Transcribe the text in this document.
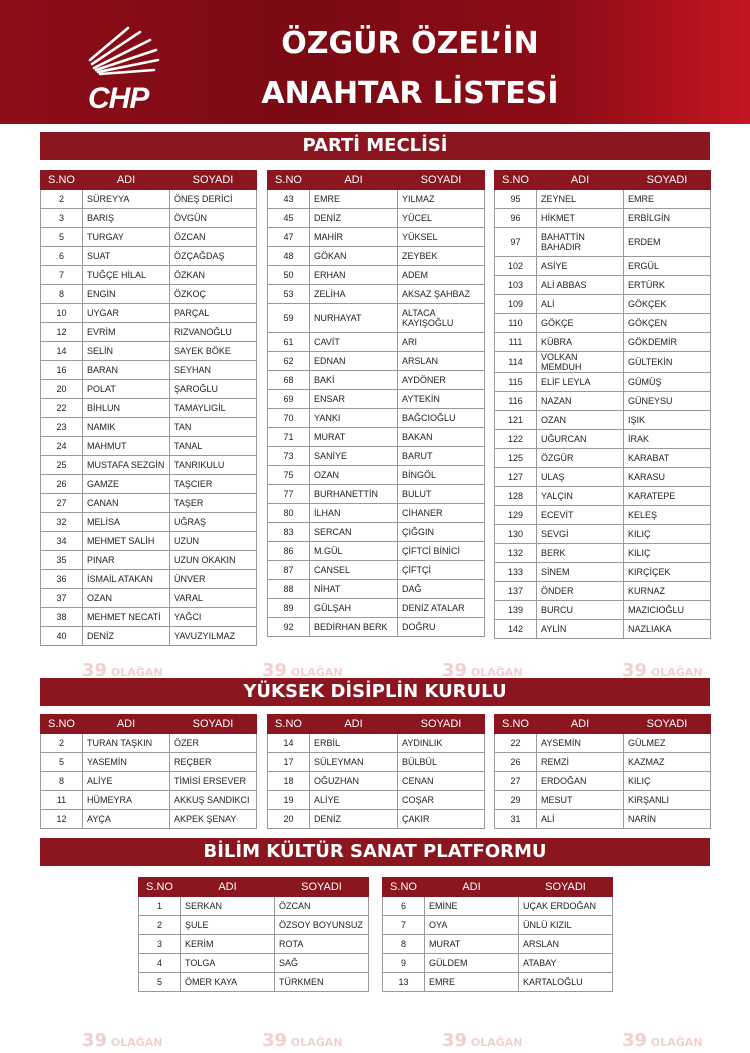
CHP
ÖZGÜR ÖZEL’İN
ANAHTAR LİSTESİ
PARTİ MECLİSİ
S.NO	ADI	SOYADI
2	SÜREYYA	ÖNEŞ DERİCİ
3	BARIŞ	ÖVGÜN
5	TURGAY	ÖZCAN
6	SUAT	ÖZÇAĞDAŞ
7	TUĞÇE HİLAL	ÖZKAN
8	ENGİN	ÖZKOÇ
10	UYGAR	PARÇAL
12	EVRİM	RIZVANOĞLU
14	SELİN	SAYEK BÖKE
16	BARAN	SEYHAN
20	POLAT	ŞAROĞLU
22	BİHLUN	TAMAYLIGİL
23	NAMIK	TAN
24	MAHMUT	TANAL
25	MUSTAFA SEZGİN	TANRIKULU
26	GAMZE	TAŞCIER
27	CANAN	TAŞER
32	MELİSA	UĞRAŞ
34	MEHMET SALİH	UZUN
35	PINAR	UZUN OKAKIN
36	İSMAİL ATAKAN	ÜNVER
37	OZAN	VARAL
38	MEHMET NECATİ	YAĞCI
40	DENİZ	YAVUZYILMAZ
S.NO	ADI	SOYADI
43	EMRE	YILMAZ
45	DENİZ	YÜCEL
47	MAHİR	YÜKSEL
48	GÖKAN	ZEYBEK
50	ERHAN	ADEM
53	ZELİHA	AKSAZ ŞAHBAZ
59	NURHAYAT	ALTACA KAYIŞOĞLU
61	CAVİT	ARI
62	EDNAN	ARSLAN
68	BAKİ	AYDÖNER
69	ENSAR	AYTEKİN
70	YANKI	BAĞCIOĞLU
71	MURAT	BAKAN
73	SANİYE	BARUT
75	OZAN	BİNGÖL
77	BURHANETTİN	BULUT
80	İLHAN	CİHANER
83	SERCAN	ÇIĞGIN
86	M.GÜL	ÇİFTCİ BİNİCİ
87	CANSEL	ÇİFTÇİ
88	NİHAT	DAĞ
89	GÜLŞAH	DENİZ ATALAR
92	BEDİRHAN BERK	DOĞRU
S.NO	ADI	SOYADI
95	ZEYNEL	EMRE
96	HİKMET	ERBİLGİN
97	BAHATTİN BAHADIR	ERDEM
102	ASİYE	ERGÜL
103	ALİ ABBAS	ERTÜRK
109	ALİ	GÖKÇEK
110	GÖKÇE	GÖKÇEN
111	KÜBRA	GÖKDEMİR
114	VOLKAN MEMDUH	GÜLTEKİN
115	ELİF LEYLA	GÜMÜŞ
116	NAZAN	GÜNEYSU
121	OZAN	IŞIK
122	UĞURCAN	İRAK
125	ÖZGÜR	KARABAT
127	ULAŞ	KARASU
128	YALÇIN	KARATEPE
129	ECEVİT	KELEŞ
130	SEVGİ	KILIÇ
132	BERK	KILIÇ
133	SİNEM	KIRÇİÇEK
137	ÖNDER	KURNAZ
139	BURCU	MAZICIOĞLU
142	AYLİN	NAZLIAKA
YÜKSEK DİSİPLİN KURULU
S.NO	ADI	SOYADI
2	TURAN TAŞKIN	ÖZER
5	YASEMİN	REÇBER
8	ALİYE	TİMİSİ ERSEVER
11	HÜMEYRA	AKKUŞ SANDIKCI
12	AYÇA	AKPEK ŞENAY
S.NO	ADI	SOYADI
14	ERBİL	AYDINLIK
17	SÜLEYMAN	BÜLBÜL
18	OĞUZHAN	CENAN
19	ALİYE	COŞAR
20	DENİZ	ÇAKIR
S.NO	ADI	SOYADI
22	AYSEMİN	GÜLMEZ
26	REMZİ	KAZMAZ
27	ERDOĞAN	KILIÇ
29	MESUT	KIRŞANLI
31	ALİ	NARİN
BİLİM KÜLTÜR SANAT PLATFORMU
S.NO	ADI	SOYADI
1	SERKAN	ÖZCAN
2	ŞULE	ÖZSOY BOYUNSUZ
3	KERİM	ROTA
4	TOLGA	SAĞ
5	ÖMER KAYA	TÜRKMEN
S.NO	ADI	SOYADI
6	EMİNE	UÇAK ERDOĞAN
7	OYA	ÜNLÜ KIZIL
8	MURAT	ARSLAN
9	GÜLDEM	ATABAY
13	EMRE	KARTALOĞLU
39 OLAĞAN	39 OLAĞAN	39 OLAĞAN	39 OLAĞAN
39 OLAĞAN	39 OLAĞAN	39 OLAĞAN	39 OLAĞAN
